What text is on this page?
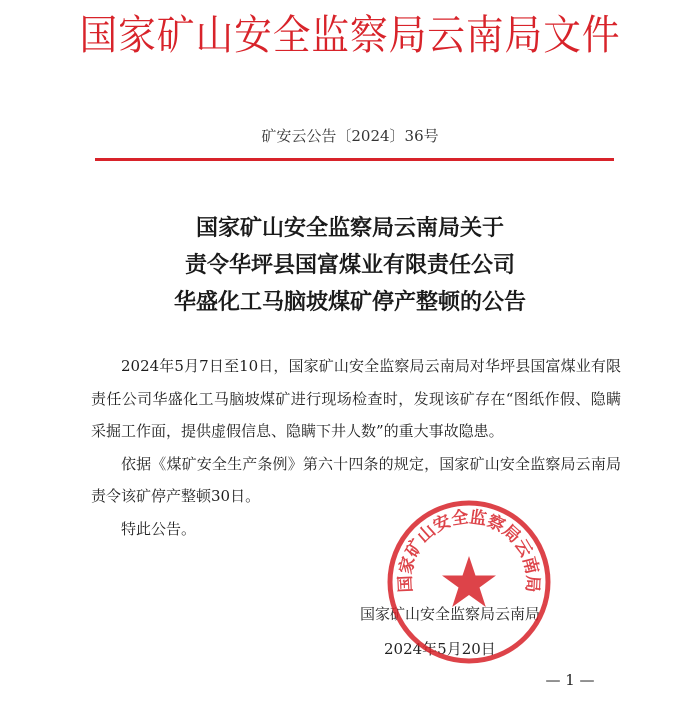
国家矿山安全监察局云南局文件
矿安云公告〔2024〕36号
国家矿山安全监察局云南局关于
责令华坪县国富煤业有限责任公司
华盛化工马脑坡煤矿停产整顿的公告

2024年5月7日至10日，国家矿山安全监察局云南局对华坪县国富煤业有限责任公司华盛化工马脑坡煤矿进行现场检查时，发现该矿存在“图纸作假、隐瞒采掘工作面，提供虚假信息、隐瞒下井人数”的重大事故隐患。

依据《煤矿安全生产条例》第六十四条的规定，国家矿山安全监察局云南局责令该矿停产整顿30日。

特此公告。

国家矿山安全监察局云南局
2024年5月20日
— 1 —
国家矿山安全监察局云南局
